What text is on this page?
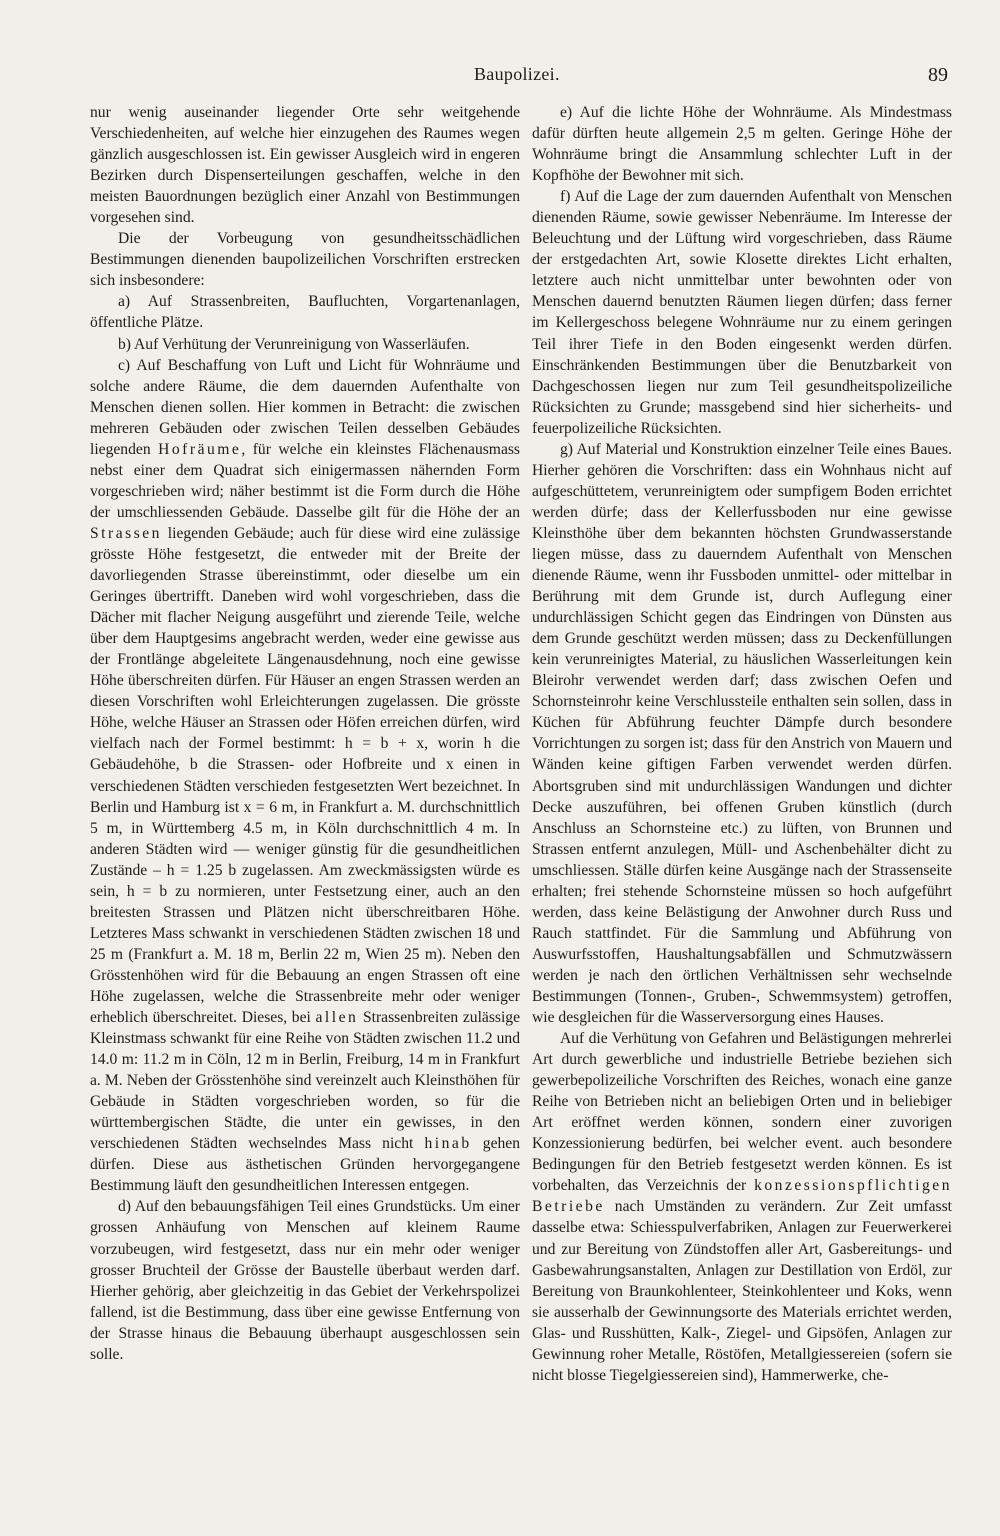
Baupolizei.	89

nur wenig auseinander liegender Orte sehr weitgehende Verschiedenheiten, auf welche hier einzugehen des Raumes wegen gänzlich ausgeschlossen ist. Ein gewisser Ausgleich wird in engeren Bezirken durch Dispenserteilungen geschaffen, welche in den meisten Bauordnungen bezüglich einer Anzahl von Bestimmungen vorgesehen sind.

Die der Vorbeugung von gesundheitsschädlichen Bestimmungen dienenden baupolizeilichen Vorschriften erstrecken sich insbesondere:

a) Auf Strassenbreiten, Baufluchten, Vorgartenanlagen, öffentliche Plätze.

b) Auf Verhütung der Verunreinigung von Wasserläufen.

c) Auf Beschaffung von Luft und Licht für Wohnräume und solche andere Räume, die dem dauernden Aufenthalte von Menschen dienen sollen. Hier kommen in Betracht: die zwischen mehreren Gebäuden oder zwischen Teilen desselben Gebäudes liegenden Hofräume, für welche ein kleinstes Flächenausmass nebst einer dem Quadrat sich einigermassen nähernden Form vorgeschrieben wird; näher bestimmt ist die Form durch die Höhe der umschliessenden Gebäude. Dasselbe gilt für die Höhe der an Strassen liegenden Gebäude; auch für diese wird eine zulässige grösste Höhe festgesetzt, die entweder mit der Breite der davorliegenden Strasse übereinstimmt, oder dieselbe um ein Geringes übertrifft. Daneben wird wohl vorgeschrieben, dass die Dächer mit flacher Neigung ausgeführt und zierende Teile, welche über dem Hauptgesims angebracht werden, weder eine gewisse aus der Frontlänge abgeleitete Längenausdehnung, noch eine gewisse Höhe überschreiten dürfen. Für Häuser an engen Strassen werden an diesen Vorschriften wohl Erleichterungen zugelassen. Die grösste Höhe, welche Häuser an Strassen oder Höfen erreichen dürfen, wird vielfach nach der Formel bestimmt: h = b + x, worin h die Gebäudehöhe, b die Strassen- oder Hofbreite und x einen in verschiedenen Städten verschieden festgesetzten Wert bezeichnet. In Berlin und Hamburg ist x = 6 m, in Frankfurt a. M. durchschnittlich 5 m, in Württemberg 4.5 m, in Köln durchschnittlich 4 m. In anderen Städten wird — weniger günstig für die gesundheitlichen Zustände – h = 1.25 b zugelassen. Am zweckmässigsten würde es sein, h = b zu normieren, unter Festsetzung einer, auch an den breitesten Strassen und Plätzen nicht überschreitbaren Höhe. Letzteres Mass schwankt in verschiedenen Städten zwischen 18 und 25 m (Frankfurt a. M. 18 m, Berlin 22 m, Wien 25 m). Neben den Grösstenhöhen wird für die Bebauung an engen Strassen oft eine Höhe zugelassen, welche die Strassenbreite mehr oder weniger erheblich überschreitet. Dieses, bei allen Strassenbreiten zulässige Kleinstmass schwankt für eine Reihe von Städten zwischen 11.2 und 14.0 m: 11.2 m in Cöln, 12 m in Berlin, Freiburg, 14 m in Frankfurt a. M. Neben der Grösstenhöhe sind vereinzelt auch Kleinsthöhen für Gebäude in Städten vorgeschrieben worden, so für die württembergischen Städte, die unter ein gewisses, in den verschiedenen Städten wechselndes Mass nicht hinab gehen dürfen. Diese aus ästhetischen Gründen hervorgegangene Bestimmung läuft den gesundheitlichen Interessen entgegen.

d) Auf den bebauungsfähigen Teil eines Grundstücks. Um einer grossen Anhäufung von Menschen auf kleinem Raume vorzubeugen, wird festgesetzt, dass nur ein mehr oder weniger grosser Bruchteil der Grösse der Baustelle überbaut werden darf. Hierher gehörig, aber gleichzeitig in das Gebiet der Verkehrspolizei fallend, ist die Bestimmung, dass über eine gewisse Entfernung von der Strasse hinaus die Bebauung überhaupt ausgeschlossen sein solle.

e) Auf die lichte Höhe der Wohnräume. Als Mindestmass dafür dürften heute allgemein 2,5 m gelten. Geringe Höhe der Wohnräume bringt die Ansammlung schlechter Luft in der Kopfhöhe der Bewohner mit sich.

f) Auf die Lage der zum dauernden Aufenthalt von Menschen dienenden Räume, sowie gewisser Nebenräume. Im Interesse der Beleuchtung und der Lüftung wird vorgeschrieben, dass Räume der erstgedachten Art, sowie Klosette direktes Licht erhalten, letztere auch nicht unmittelbar unter bewohnten oder von Menschen dauernd benutzten Räumen liegen dürfen; dass ferner im Kellergeschoss belegene Wohnräume nur zu einem geringen Teil ihrer Tiefe in den Boden eingesenkt werden dürfen. Einschränkenden Bestimmungen über die Benutzbarkeit von Dachgeschossen liegen nur zum Teil gesundheitspolizeiliche Rücksichten zu Grunde; massgebend sind hier sicherheits- und feuerpolizeiliche Rücksichten.

g) Auf Material und Konstruktion einzelner Teile eines Baues. Hierher gehören die Vorschriften: dass ein Wohnhaus nicht auf aufgeschüttetem, verunreinigtem oder sumpfigem Boden errichtet werden dürfe; dass der Kellerfussboden nur eine gewisse Kleinsthöhe über dem bekannten höchsten Grundwasserstande liegen müsse, dass zu dauerndem Aufenthalt von Menschen dienende Räume, wenn ihr Fussboden unmittel- oder mittelbar in Berührung mit dem Grunde ist, durch Auflegung einer undurchlässigen Schicht gegen das Eindringen von Dünsten aus dem Grunde geschützt werden müssen; dass zu Deckenfüllungen kein verunreinigtes Material, zu häuslichen Wasserleitungen kein Bleirohr verwendet werden darf; dass zwischen Oefen und Schornsteinrohr keine Verschlussteile enthalten sein sollen, dass in Küchen für Abführung feuchter Dämpfe durch besondere Vorrichtungen zu sorgen ist; dass für den Anstrich von Mauern und Wänden keine giftigen Farben verwendet werden dürfen. Abortsgruben sind mit undurchlässigen Wandungen und dichter Decke auszuführen, bei offenen Gruben künstlich (durch Anschluss an Schornsteine etc.) zu lüften, von Brunnen und Strassen entfernt anzulegen, Müll- und Aschenbehälter dicht zu umschliessen. Ställe dürfen keine Ausgänge nach der Strassenseite erhalten; frei stehende Schornsteine müssen so hoch aufgeführt werden, dass keine Belästigung der Anwohner durch Russ und Rauch stattfindet. Für die Sammlung und Abführung von Auswurfsstoffen, Haushaltungsabfällen und Schmutzwässern werden je nach den örtlichen Verhältnissen sehr wechselnde Bestimmungen (Tonnen-, Gruben-, Schwemmsystem) getroffen, wie desgleichen für die Wasserversorgung eines Hauses.

Auf die Verhütung von Gefahren und Belästigungen mehrerlei Art durch gewerbliche und industrielle Betriebe beziehen sich gewerbepolizeiliche Vorschriften des Reiches, wonach eine ganze Reihe von Betrieben nicht an beliebigen Orten und in beliebiger Art eröffnet werden können, sondern einer zuvorigen Konzessionierung bedürfen, bei welcher event. auch besondere Bedingungen für den Betrieb festgesetzt werden können. Es ist vorbehalten, das Verzeichnis der konzessionspflichtigen Betriebe nach Umständen zu verändern. Zur Zeit umfasst dasselbe etwa: Schiesspulverfabriken, Anlagen zur Feuerwerkerei und zur Bereitung von Zündstoffen aller Art, Gasbereitungs- und Gasbewahrungsanstalten, Anlagen zur Destillation von Erdöl, zur Bereitung von Braunkohlenteer, Steinkohlenteer und Koks, wenn sie ausserhalb der Gewinnungsorte des Materials errichtet werden, Glas- und Russhütten, Kalk-, Ziegel- und Gipsöfen, Anlagen zur Gewinnung roher Metalle, Röstöfen, Metallgiessereien (sofern sie nicht blosse Tiegelgiessereien sind), Hammerwerke, che-
